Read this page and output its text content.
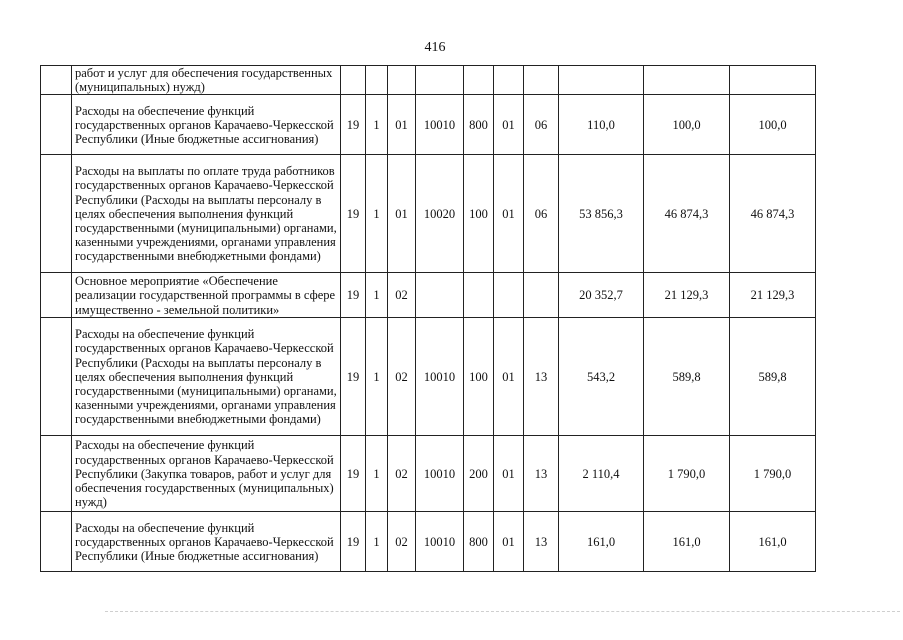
416
	работ и услуг для обеспечения государственных (муниципальных) нужд)										
	Расходы на обеспечение функций государственных органов Карачаево-Черкесской Республики (Иные бюджетные ассигнования)	19	1	01	10010	800	01	06	110,0	100,0	100,0
	Расходы на выплаты по оплате труда работников государственных органов Карачаево-Черкесской Республики (Расходы на выплаты персоналу в целях обеспечения выполнения функций государственными (муниципальными) органами, казенными учреждениями, органами управления государственными внебюджетными фондами)	19	1	01	10020	100	01	06	53 856,3	46 874,3	46 874,3
	Основное мероприятие «Обеспечение реализации государственной программы в сфере имущественно - земельной политики»	19	1	02					20 352,7	21 129,3	21 129,3
	Расходы на обеспечение функций государственных органов Карачаево-Черкесской Республики (Расходы на выплаты персоналу в целях обеспечения выполнения функций государственными (муниципальными) органами, казенными учреждениями, органами управления государственными внебюджетными фондами)	19	1	02	10010	100	01	13	543,2	589,8	589,8
	Расходы на обеспечение функций государственных органов Карачаево-Черкесской Республики (Закупка товаров, работ и услуг для обеспечения государственных (муниципальных) нужд)	19	1	02	10010	200	01	13	2 110,4	1 790,0	1 790,0
	Расходы на обеспечение функций государственных органов Карачаево-Черкесской Республики (Иные бюджетные ассигнования)	19	1	02	10010	800	01	13	161,0	161,0	161,0
